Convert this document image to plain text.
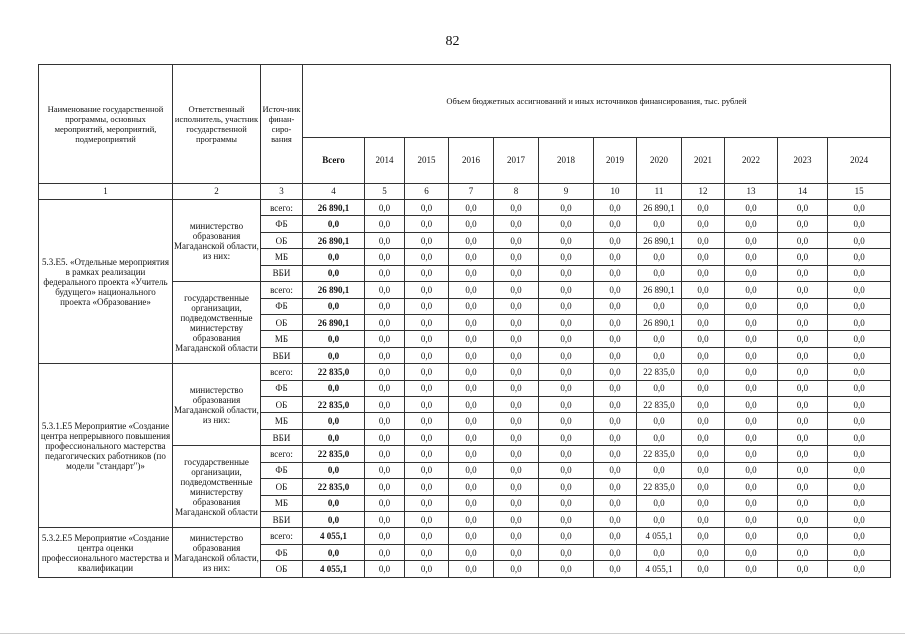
82
Наименование государственной программы, основных мероприятий, мероприятий, подмероприятий	Ответственный исполнитель, участник государственной программы	Источ-ник финан-сиро-вания	Объем бюджетных ассигнований и иных источников финансирования, тыс. рублей											
			Всего	2014	2015	2016	2017	2018	2019	2020	2021	2022	2023	2024
1	2	3	4	5	6	7	8	9	10	11	12	13	14	15
5.3.E5. «Отдельные мероприятия в рамках реализации федерального проекта «Учитель будущего» национального проекта «Образование»	министерство образования Магаданской области, из них:	всего:	26 890,1	0,0	0,0	0,0	0,0	0,0	0,0	26 890,1	0,0	0,0	0,0	0,0
		ФБ	0,0	0,0	0,0	0,0	0,0	0,0	0,0	0,0	0,0	0,0	0,0	0,0
		ОБ	26 890,1	0,0	0,0	0,0	0,0	0,0	0,0	26 890,1	0,0	0,0	0,0	0,0
		МБ	0,0	0,0	0,0	0,0	0,0	0,0	0,0	0,0	0,0	0,0	0,0	0,0
		ВБИ	0,0	0,0	0,0	0,0	0,0	0,0	0,0	0,0	0,0	0,0	0,0	0,0
	государственные организации, подведомственные министерству образования Магаданской области	всего:	26 890,1	0,0	0,0	0,0	0,0	0,0	0,0	26 890,1	0,0	0,0	0,0	0,0
		ФБ	0,0	0,0	0,0	0,0	0,0	0,0	0,0	0,0	0,0	0,0	0,0	0,0
		ОБ	26 890,1	0,0	0,0	0,0	0,0	0,0	0,0	26 890,1	0,0	0,0	0,0	0,0
		МБ	0,0	0,0	0,0	0,0	0,0	0,0	0,0	0,0	0,0	0,0	0,0	0,0
		ВБИ	0,0	0,0	0,0	0,0	0,0	0,0	0,0	0,0	0,0	0,0	0,0	0,0
5.3.1.E5 Мероприятие «Создание центра непрерывного повышения профессионального мастерства педагогических работников (по модели "стандарт")»	министерство образования Магаданской области, из них:	всего:	22 835,0	0,0	0,0	0,0	0,0	0,0	0,0	22 835,0	0,0	0,0	0,0	0,0
		ФБ	0,0	0,0	0,0	0,0	0,0	0,0	0,0	0,0	0,0	0,0	0,0	0,0
		ОБ	22 835,0	0,0	0,0	0,0	0,0	0,0	0,0	22 835,0	0,0	0,0	0,0	0,0
		МБ	0,0	0,0	0,0	0,0	0,0	0,0	0,0	0,0	0,0	0,0	0,0	0,0
		ВБИ	0,0	0,0	0,0	0,0	0,0	0,0	0,0	0,0	0,0	0,0	0,0	0,0
	государственные организации, подведомственные министерству образования Магаданской области	всего:	22 835,0	0,0	0,0	0,0	0,0	0,0	0,0	22 835,0	0,0	0,0	0,0	0,0
		ФБ	0,0	0,0	0,0	0,0	0,0	0,0	0,0	0,0	0,0	0,0	0,0	0,0
		ОБ	22 835,0	0,0	0,0	0,0	0,0	0,0	0,0	22 835,0	0,0	0,0	0,0	0,0
		МБ	0,0	0,0	0,0	0,0	0,0	0,0	0,0	0,0	0,0	0,0	0,0	0,0
		ВБИ	0,0	0,0	0,0	0,0	0,0	0,0	0,0	0,0	0,0	0,0	0,0	0,0
5.3.2.E5 Мероприятие «Создание центра оценки профессионального мастерства и квалификации	министерство образования Магаданской области, из них:	всего:	4 055,1	0,0	0,0	0,0	0,0	0,0	0,0	4 055,1	0,0	0,0	0,0	0,0
		ФБ	0,0	0,0	0,0	0,0	0,0	0,0	0,0	0,0	0,0	0,0	0,0	0,0
		ОБ	4 055,1	0,0	0,0	0,0	0,0	0,0	0,0	4 055,1	0,0	0,0	0,0	0,0
